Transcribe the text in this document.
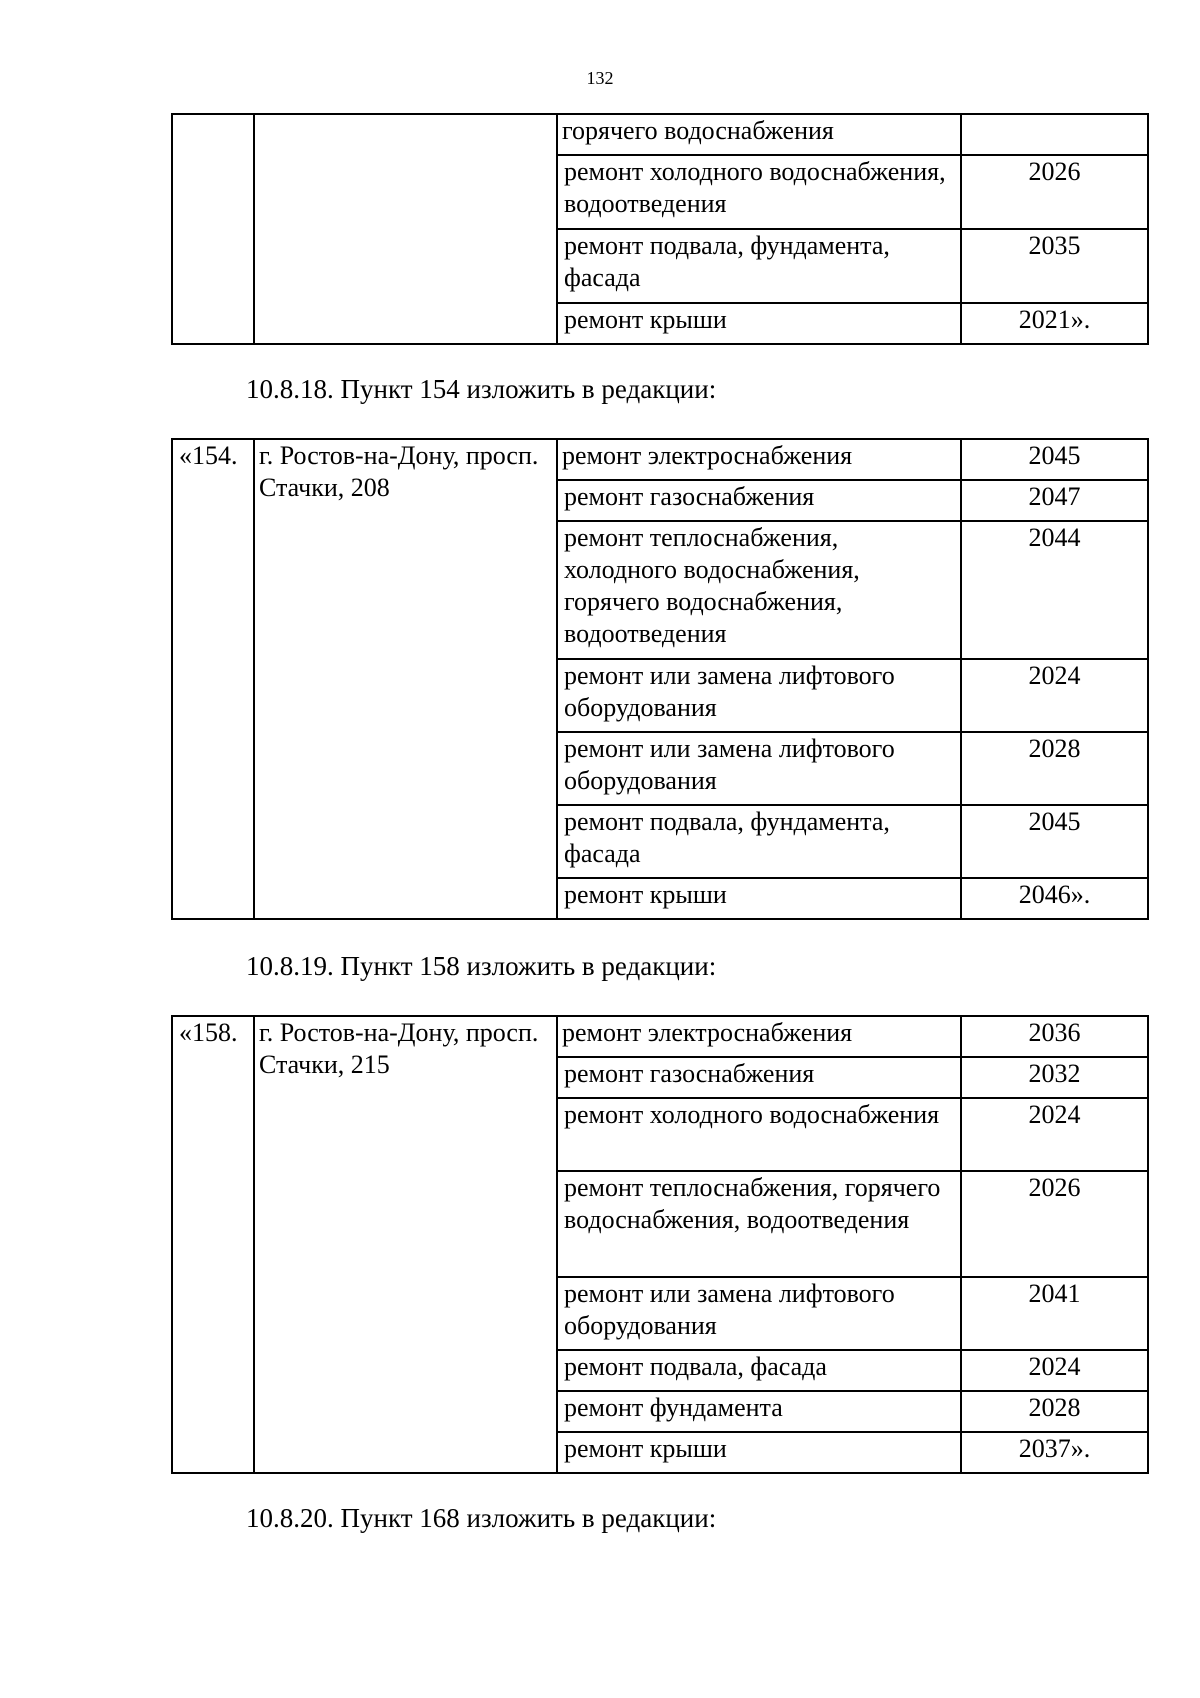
132
		горячего водоснабжения	
		ремонт холодного водоснабжения, водоотведения	2026
		ремонт подвала, фундамента, фасада	2035
		ремонт крыши	2021».
10.8.18. Пункт 154 изложить в редакции:
«154.	г. Ростов-на-Дону, просп. Стачки, 208	ремонт электроснабжения	2045
		ремонт газоснабжения	2047
		ремонт теплоснабжения, холодного водоснабжения, горячего водоснабжения, водоотведения	2044
		ремонт или замена лифтового оборудования	2024
		ремонт или замена лифтового оборудования	2028
		ремонт подвала, фундамента, фасада	2045
		ремонт крыши	2046».
10.8.19. Пункт 158 изложить в редакции:
«158.	г. Ростов-на-Дону, просп. Стачки, 215	ремонт электроснабжения	2036
		ремонт газоснабжения	2032
		ремонт холодного водоснабжения	2024
		ремонт теплоснабжения, горячего водоснабжения, водоотведения	2026
		ремонт или замена лифтового оборудования	2041
		ремонт подвала, фасада	2024
		ремонт фундамента	2028
		ремонт крыши	2037».
10.8.20. Пункт 168 изложить в редакции:
